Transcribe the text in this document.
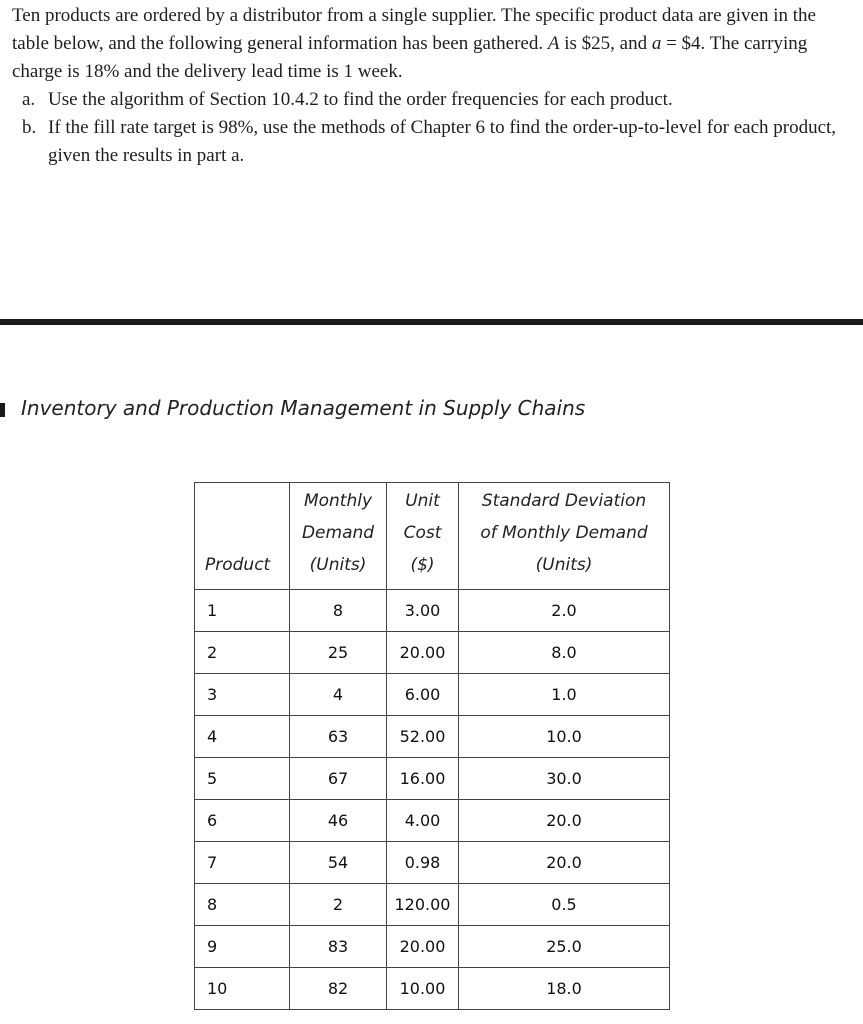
Ten products are ordered by a distributor from a single supplier. The specific product data are given in the table below, and the following general information has been gathered. A is $25, and a = $4. The carrying charge is 18% and the delivery lead time is 1 week.

a. Use the algorithm of Section 10.4.2 to find the order frequencies for each product.

b. If the fill rate target is 98%, use the methods of Chapter 6 to find the order-up-to-level for each product, given the results in part a.

Inventory and Production Management in Supply Chains
Product	Monthly
Demand
(Units)	Unit
Cost
($)	Standard Deviation
of Monthly Demand
(Units)

1	8	3.00	2.0
2	25	20.00	8.0
3	4	6.00	1.0
4	63	52.00	10.0
5	67	16.00	30.0
6	46	4.00	20.0
7	54	0.98	20.0
8	2	120.00	0.5
9	83	20.00	25.0
10	82	10.00	18.0
